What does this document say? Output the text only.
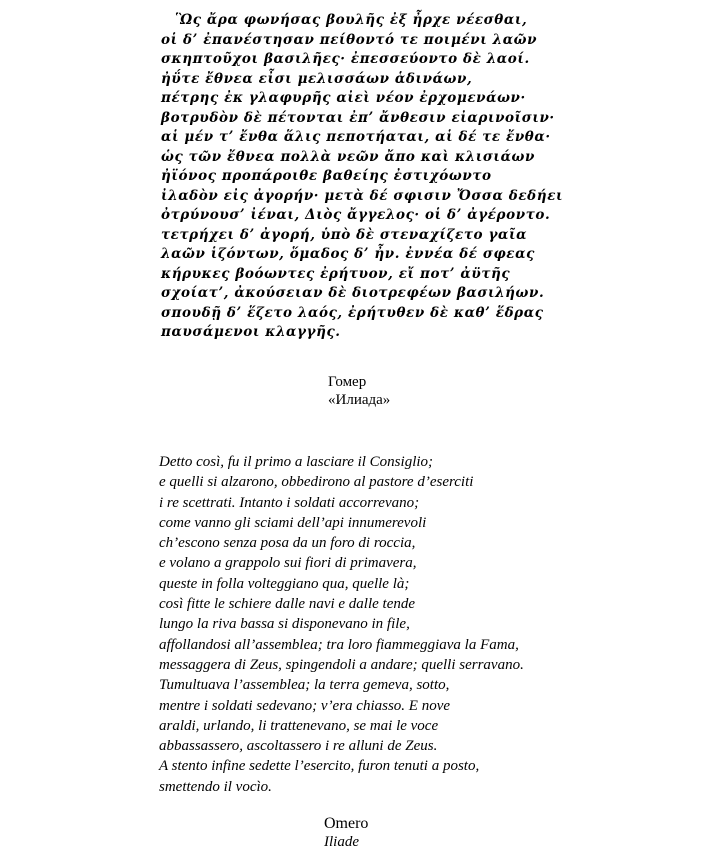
Ὣς ἄρα φωνήσας βουλῆς ἐξ ἦρχε νέεσθαι,
οἱ δ’ ἐπανέστησαν πείθοντό τε ποιμένι λαῶν
σκηπτοῦχοι βασιλῆες· ἐπεσσεύοντο δὲ λαοί.
ἠΰτε ἔθνεα εἶσι μελισσάων ἁδινάων,
πέτρης ἐκ γλαφυρῆς αἰεὶ νέον ἐρχομενάων·
βοτρυδὸν δὲ πέτονται ἐπ’ ἄνθεσιν εἰαρινοῖσιν·
αἱ μέν τ’ ἔνθα ἅλις πεποτήαται, αἱ δέ τε ἔνθα·
ὡς τῶν ἔθνεα πολλὰ νεῶν ἄπο καὶ κλισιάων
ἠϊόνος προπάροιθε βαθείης ἐστιχόωντο
ἰλαδὸν εἰς ἀγορήν· μετὰ δέ σφισιν Ὄσσα δεδήει
ὀτρύνουσ’ ἰέναι, Διὸς ἄγγελος· οἱ δ’ ἀγέροντο.
τετρήχει δ’ ἀγορή, ὑπὸ δὲ στεναχίζετο γαῖα
λαῶν ἱζόντων, ὅμαδος δ’ ἦν. ἐννέα δέ σφεας
κήρυκες βοόωντες ἐρήτυον, εἴ ποτ’ ἀϋτῆς
σχοίατ’, ἀκούσειαν δὲ διοτρεφέων βασιλήων.
σπουδῇ δ’ ἕζετο λαός, ἐρήτυθεν δὲ καθ’ ἕδρας
παυσάμενοι κλαγγῆς.
Гомер
«Илиада»
Detto così, fu il primo a lasciare il Consiglio;
e quelli si alzarono, obbedirono al pastore d’eserciti
i re scettrati. Intanto i soldati accorrevano;
come vanno gli sciami dell’api innumerevoli
ch’escono senza posa da un foro di roccia,
e volano a grappolo sui fiori di primavera,
queste in folla volteggiano qua, quelle là;
così fitte le schiere dalle navi e dalle tende
lungo la riva bassa si disponevano in file,
affollandosi all’assemblea; tra loro fiammeggiava la Fama,
messaggera di Zeus, spingendoli a andare; quelli serravano.
Tumultuava l’assemblea; la terra gemeva, sotto,
mentre i soldati sedevano; v’era chiasso. E nove
araldi, urlando, li trattenevano, se mai le voce
abbassassero, ascoltassero i re alluni de Zeus.
A stento infine sedette l’esercito, furon tenuti a posto,
smettendo il vocìo.
Omero
Iliade
